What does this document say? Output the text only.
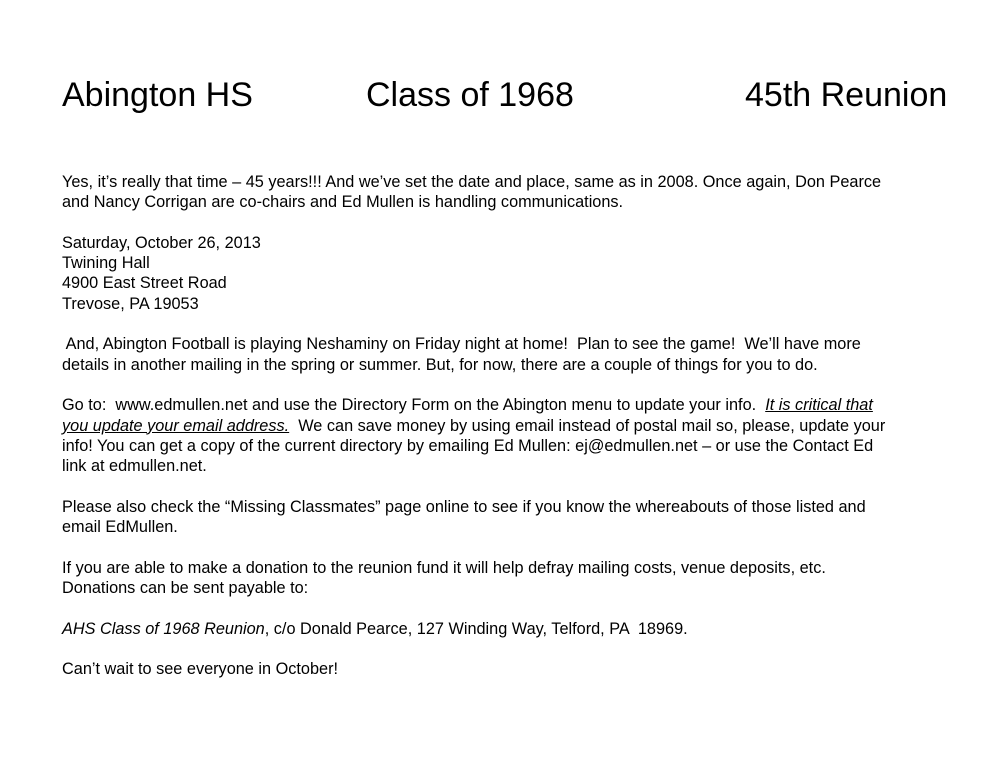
Abington HS	Class of 1968	45th Reunion

Yes, it’s really that time – 45 years!!! And we’ve set the date and place, same as in 2008. Once again, Don Pearce
and Nancy Corrigan are co-chairs and Ed Mullen is handling communications.

Saturday, October 26, 2013
Twining Hall
4900 East Street Road
Trevose, PA 19053

And, Abington Football is playing Neshaminy on Friday night at home!  Plan to see the game!  We’ll have more
details in another mailing in the spring or summer. But, for now, there are a couple of things for you to do.

Go to:  www.edmullen.net and use the Directory Form on the Abington menu to update your info.  It is critical that
you update your email address.  We can save money by using email instead of postal mail so, please, update your
info! You can get a copy of the current directory by emailing Ed Mullen: ej@edmullen.net – or use the Contact Ed
link at edmullen.net.

Please also check the “Missing Classmates” page online to see if you know the whereabouts of those listed and
email EdMullen.

If you are able to make a donation to the reunion fund it will help defray mailing costs, venue deposits, etc.
Donations can be sent payable to:

AHS Class of 1968 Reunion, c/o Donald Pearce, 127 Winding Way, Telford, PA  18969.

Can’t wait to see everyone in October!
